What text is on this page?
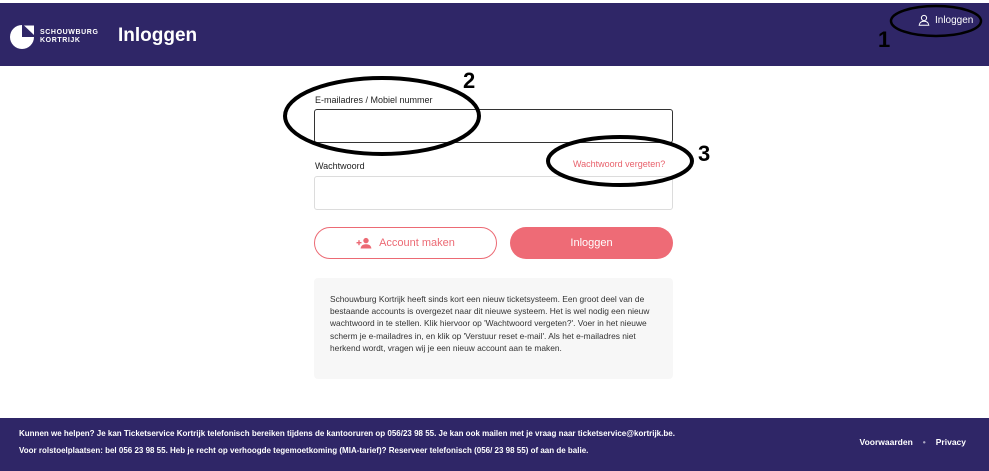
SCHOUWBURG
KORTRIJK	Inloggen
Inloggen
E-mailadres / Mobiel nummer
Wachtwoord	Wachtwoord vergeten?
Account maken	Inloggen
Schouwburg Kortrijk heeft sinds kort een nieuw ticketsysteem. Een groot deel van de bestaande accounts is overgezet naar dit nieuwe systeem. Het is wel nodig een nieuw wachtwoord in te stellen. Klik hiervoor op 'Wachtwoord vergeten?'. Voer in het nieuwe scherm je e-mailadres in, en klik op 'Verstuur reset e-mail'. Als het e-mailadres niet herkend wordt, vragen wij je een nieuw account aan te maken.
1
2
3
Kunnen we helpen? Je kan Ticketservice Kortrijk telefonisch bereiken tijdens de kantooruren op 056/23 98 55. Je kan ook mailen met je vraag naar ticketservice@kortrijk.be.
Voor rolstoelplaatsen: bel 056 23 98 55. Heb je recht op verhoogde tegemoetkoming (MIA-tarief)? Reserveer telefonisch (056/ 23 98 55) of aan de balie.
Voorwaarden • Privacy
